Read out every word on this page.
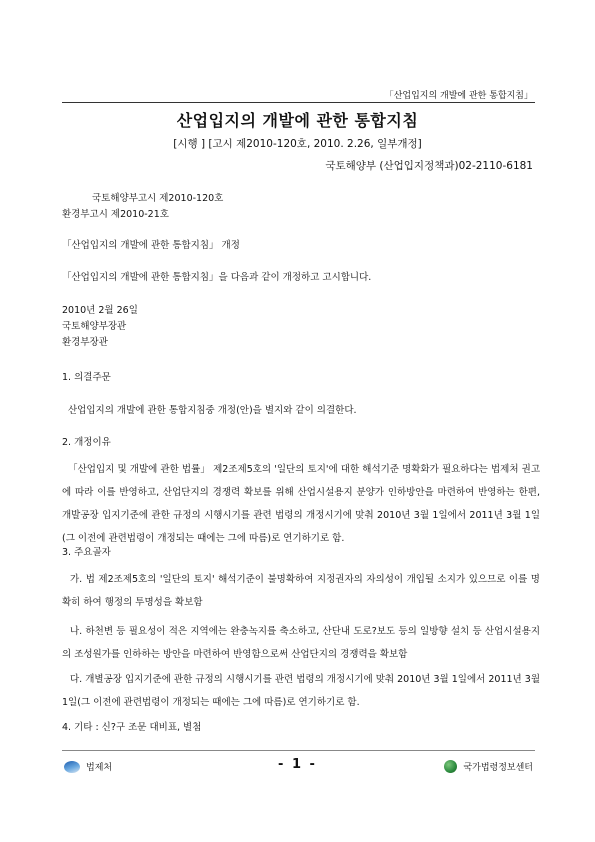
「산업입지의 개발에 관한 통합지침」
산업입지의 개발에 관한 통합지침
[시행 ] [고시 제2010-120호, 2010. 2.26, 일부개정]
국토해양부 (산업입지정책과)02-2110-6181
국토해양부고시 제2010-120호
환경부고시 제2010-21호
「산업입지의 개발에 관한 통합지침」 개정
「산업입지의 개발에 관한 통합지침」을 다음과 같이 개정하고 고시합니다.
2010년 2월 26일
국토해양부장관
환경부장관
1. 의결주문
산업입지의 개발에 관한 통합지침중 개정(안)을 별지와 같이 의결한다.
2. 개정이유
「산업입지 및 개발에 관한 법률」 제2조제5호의 '일단의 토지'에 대한 해석기준 명확화가 필요하다는 법제처 권고에 따라 이를 반영하고, 산업단지의 경쟁력 확보를 위해 산업시설용지 분양가 인하방안을 마련하여 반영하는 한편, 개발공장 입지기준에 관한 규정의 시행시기를 관련 법령의 개정시기에 맞춰 2010년 3월 1일에서 2011년 3월 1일(그 이전에 관련법령이 개정되는 때에는 그에 따름)로 연기하기로 함.
3. 주요골자
가. 법 제2조제5호의 '일단의 토지' 해석기준이 불명확하여 지정권자의 자의성이 개입될 소지가 있으므로 이를 명확히 하여 행정의 투명성을 확보함
나. 하천변 등 필요성이 적은 지역에는 완충녹지를 축소하고, 산단내 도로?보도 등의 일방향 설치 등 산업시설용지의 조성원가를 인하하는 방안을 마련하여 반영함으로써 산업단지의 경쟁력을 확보함
다. 개별공장 입지기준에 관한 규정의 시행시기를 관련 법령의 개정시기에 맞춰 2010년 3월 1일에서 2011년 3월 1일(그 이전에 관련법령이 개정되는 때에는 그에 따름)로 연기하기로 함.
4. 기타 : 신?구 조문 대비표, 별첨
법제처	- 1 -	국가법령정보센터
